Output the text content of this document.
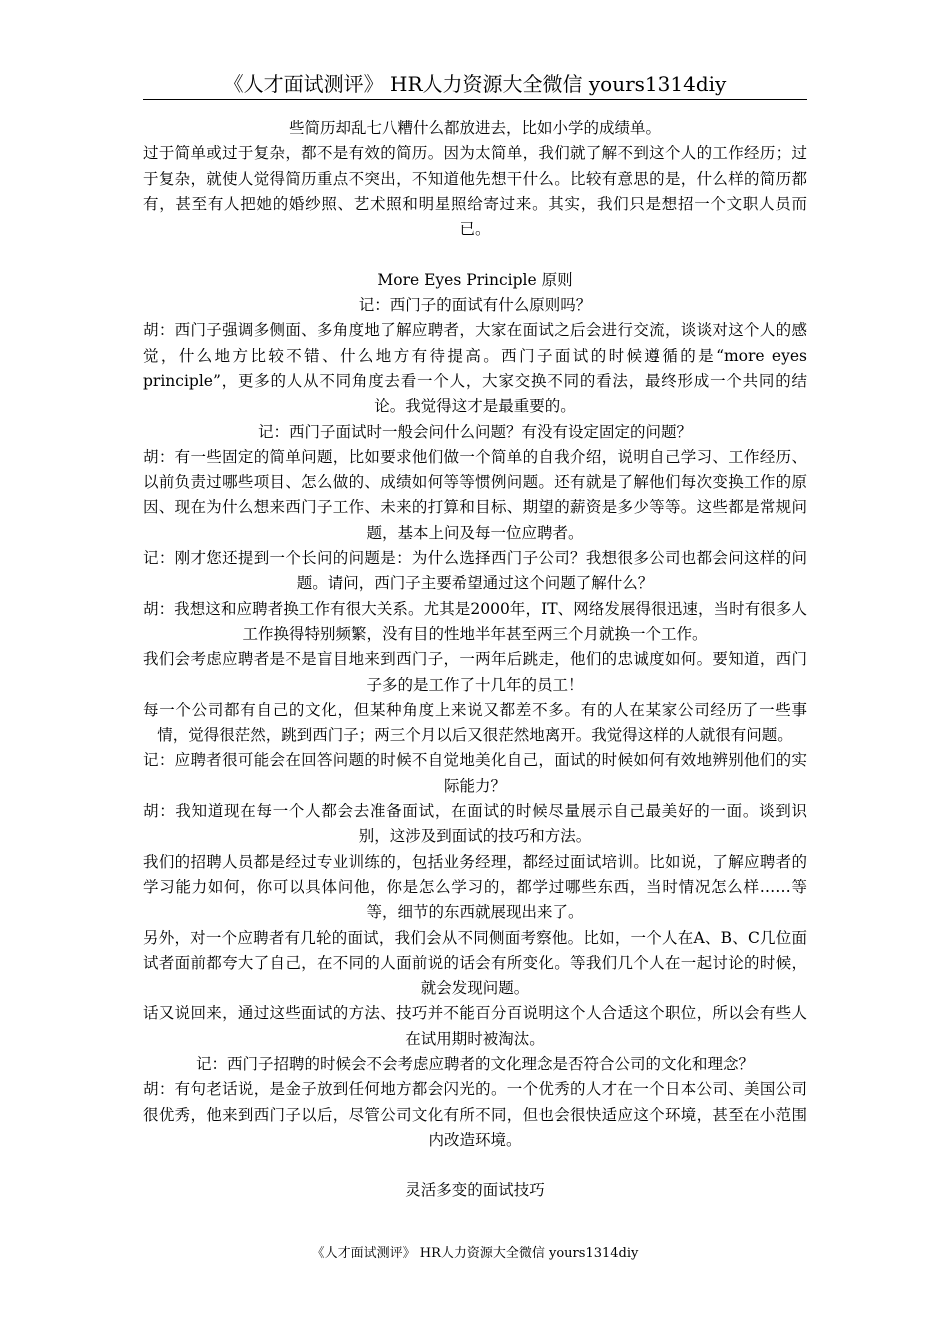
《人才面试测评》 HR人力资源大全微信 yours1314diy

些简历却乱七八糟什么都放进去，比如小学的成绩单。

过于简单或过于复杂，都不是有效的简历。因为太简单，我们就了解不到这个人的工作经历；过于复杂，就使人觉得简历重点不突出，不知道他先想干什么。比较有意思的是，什么样的简历都有，甚至有人把她的婚纱照、艺术照和明星照给寄过来。其实，我们只是想招一个文职人员而已。

More Eyes Principle 原则

记：西门子的面试有什么原则吗？

胡：西门子强调多侧面、多角度地了解应聘者，大家在面试之后会进行交流，谈谈对这个人的感觉，什么地方比较不错、什么地方有待提高。西门子面试的时候遵循的是“more eyes principle”，更多的人从不同角度去看一个人，大家交换不同的看法，最终形成一个共同的结论。我觉得这才是最重要的。

记：西门子面试时一般会问什么问题？有没有设定固定的问题？

胡：有一些固定的简单问题，比如要求他们做一个简单的自我介绍，说明自己学习、工作经历、以前负责过哪些项目、怎么做的、成绩如何等等惯例问题。还有就是了解他们每次变换工作的原因、现在为什么想来西门子工作、未来的打算和目标、期望的薪资是多少等等。这些都是常规问题，基本上问及每一位应聘者。

记：刚才您还提到一个长问的问题是：为什么选择西门子公司？我想很多公司也都会问这样的问题。请问，西门子主要希望通过这个问题了解什么？

胡：我想这和应聘者换工作有很大关系。尤其是2000年，IT、网络发展得很迅速，当时有很多人工作换得特别频繁，没有目的性地半年甚至两三个月就换一个工作。

我们会考虑应聘者是不是盲目地来到西门子，一两年后跳走，他们的忠诚度如何。要知道，西门子多的是工作了十几年的员工！

每一个公司都有自己的文化，但某种角度上来说又都差不多。有的人在某家公司经历了一些事情，觉得很茫然，跳到西门子；两三个月以后又很茫然地离开。我觉得这样的人就很有问题。

记：应聘者很可能会在回答问题的时候不自觉地美化自己，面试的时候如何有效地辨别他们的实际能力？

胡：我知道现在每一个人都会去准备面试，在面试的时候尽量展示自己最美好的一面。谈到识别，这涉及到面试的技巧和方法。

我们的招聘人员都是经过专业训练的，包括业务经理，都经过面试培训。比如说，了解应聘者的学习能力如何，你可以具体问他，你是怎么学习的，都学过哪些东西，当时情况怎么样……等等，细节的东西就展现出来了。

另外，对一个应聘者有几轮的面试，我们会从不同侧面考察他。比如，一个人在A、B、C几位面试者面前都夸大了自己，在不同的人面前说的话会有所变化。等我们几个人在一起讨论的时候，就会发现问题。

话又说回来，通过这些面试的方法、技巧并不能百分百说明这个人合适这个职位，所以会有些人在试用期时被淘汰。

记：西门子招聘的时候会不会考虑应聘者的文化理念是否符合公司的文化和理念？

胡：有句老话说，是金子放到任何地方都会闪光的。一个优秀的人才在一个日本公司、美国公司很优秀，他来到西门子以后，尽管公司文化有所不同，但也会很快适应这个环境，甚至在小范围内改造环境。

灵活多变的面试技巧

《人才面试测评》 HR人力资源大全微信 yours1314diy
